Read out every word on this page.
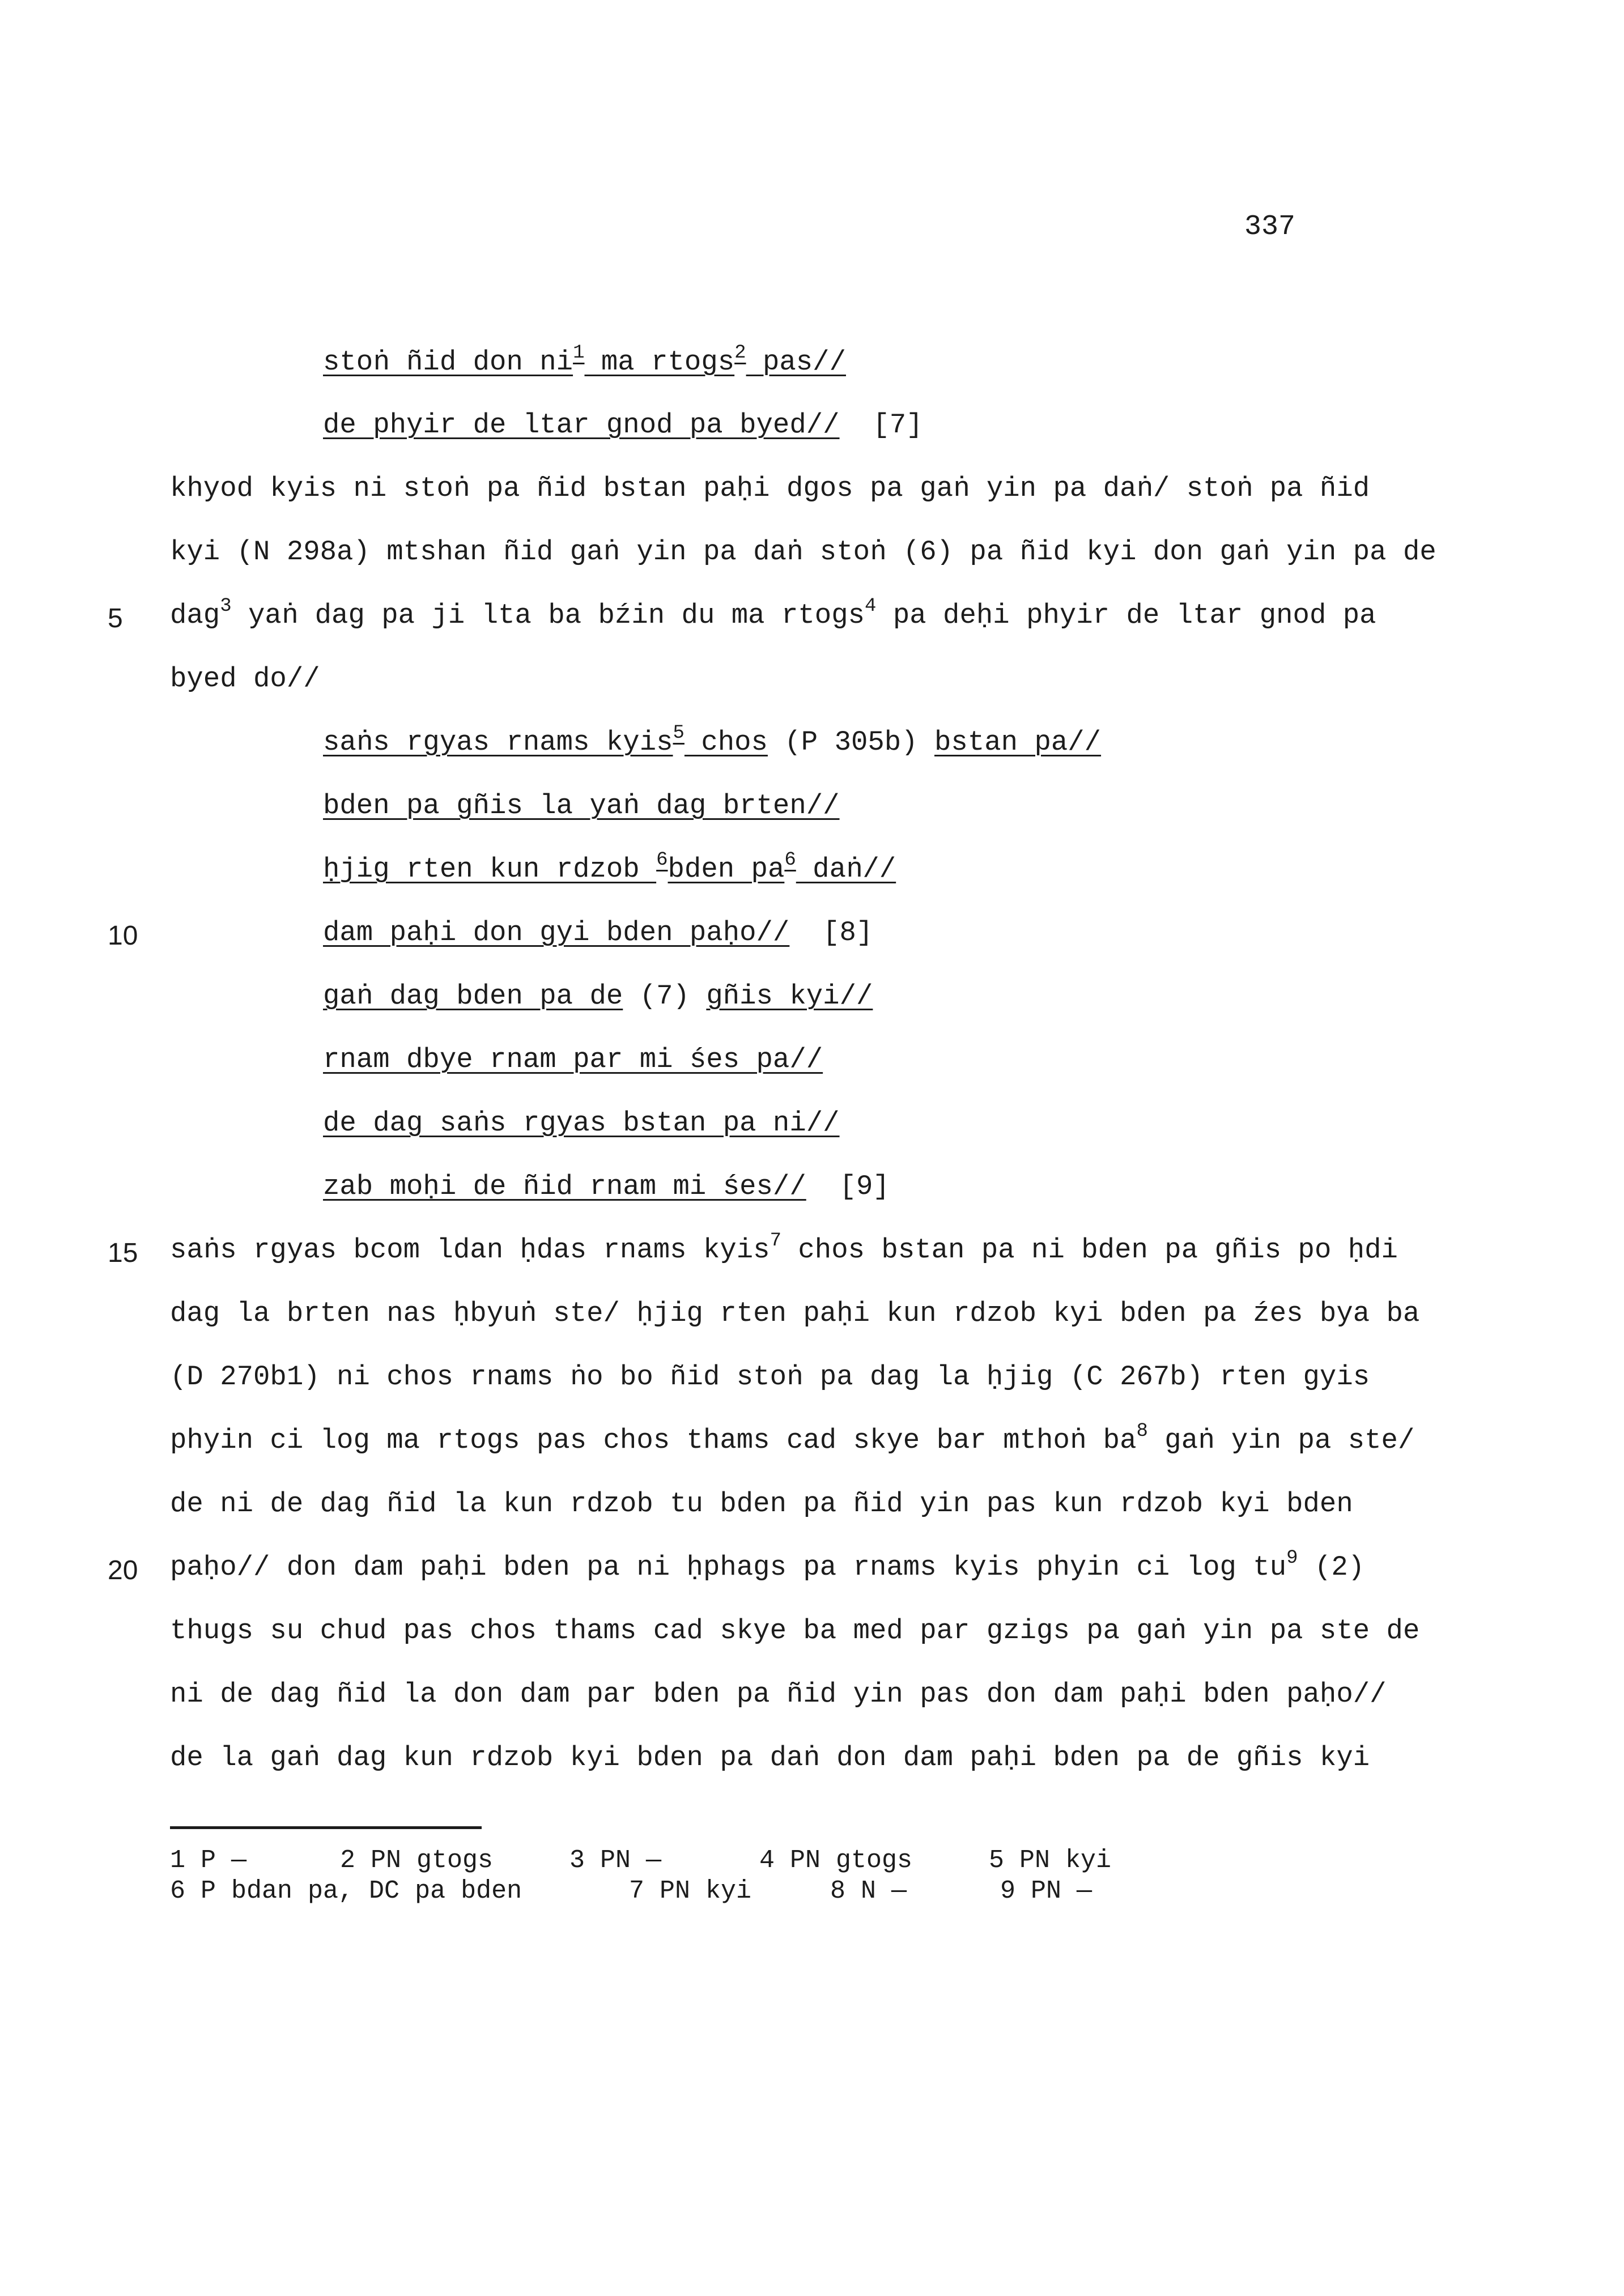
337
stoṅ ñid don $ni^1$ ma rtogs$^2$ pas//
de phyir de ltar gnod pa byed//  [7]
khyod kyis ni stoṅ pa ñid bstan paḥi dgos pa gaṅ yin pa daṅ/ stoṅ pa ñid
kyi (N 298a) mtshan ñid gaṅ yin pa daṅ stoṅ (6) pa ñid kyi don gaṅ yin pa de
dag$^3$ yaṅ dag pa ji lta ba bźin du ma rtogs$^4$ pa deḥi phyir de ltar gnod pa
byed do//
saṅs rgyas rnams kyis$^5$ chos (P 305b) bstan pa//
bden pa gñis la yaṅ dag brten//
ḥjig rten kun rdzob $^6$bden $pa^6$ daṅ//
dam paḥi don gyi bden paḥo//  [8]
gaṅ dag bden pa de (7) gñis kyi//
rnam dbye rnam par mi śes pa//
de dag saṅs rgyas bstan pa ni//
zab moḥi de ñid rnam mi śes//  [9]
saṅs rgyas bcom ldan ḥdas rnams kyis$^7$ chos bstan pa ni bden pa gñis po ḥdi
dag la brten nas ḥbyuṅ ste/ ḥjig rten paḥi kun rdzob kyi bden pa źes bya ba
(D 270b1) ni chos rnams ṅo bo ñid stoṅ pa dag la ḥjig (C 267b) rten gyis
phyin ci log ma rtogs pas chos thams cad skye bar mthoṅ $ba^8$ gaṅ yin pa ste/
de ni de dag ñid la kun rdzob tu bden pa ñid yin pas kun rdzob kyi bden
paḥo// don dam paḥi bden pa ni ḥphags pa rnams kyis phyin ci $\log tu^9$ (2)
thugs su chud pas chos thams cad skye ba med par gzigs pa gaṅ yin pa ste de
ni de dag ñid la don dam par bden pa ñid yin pas don dam paḥi bden paḥo//
de la gaṅ dag kun rdzob kyi bden pa daṅ don dam paḥi bden pa de gñis kyi
5
10
15
20
1 P —	2 PN gtogs	3 PN —	4 PN gtogs	5 PN kyi
6 P bdan pa, DC pa bden	7 PN kyi	8 N —	9 PN —
